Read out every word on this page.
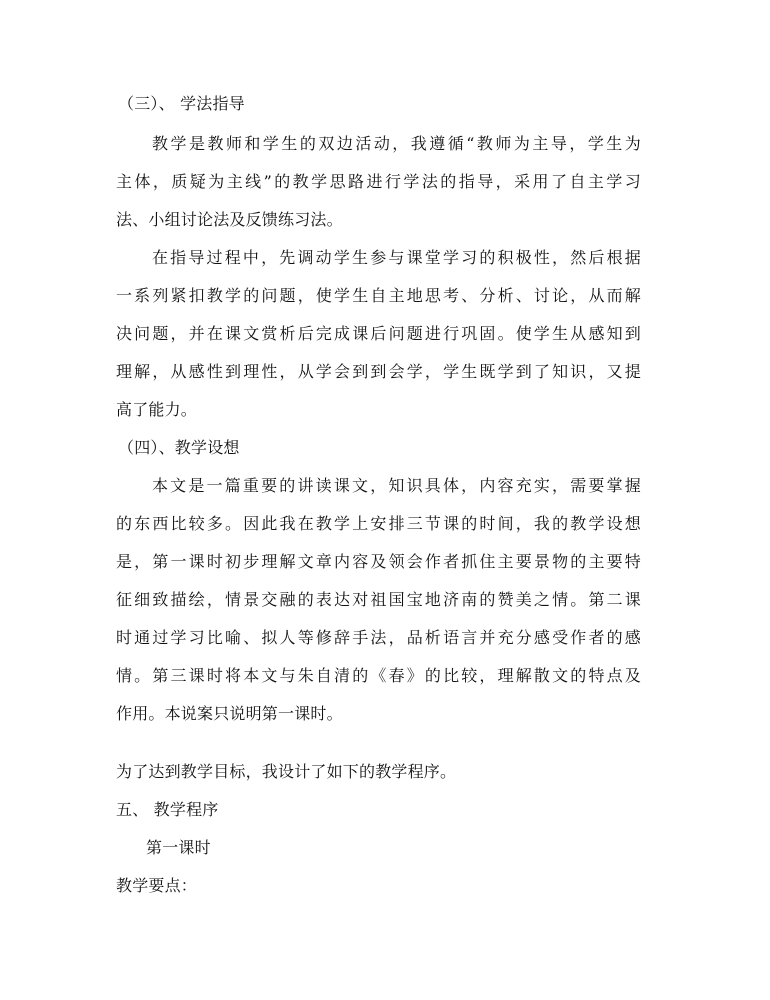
（三）、 学法指导
教学是教师和学生的双边活动，我遵循“教师为主导，学生为
主体，质疑为主线”的教学思路进行学法的指导，采用了自主学习
法、小组讨论法及反馈练习法。
在指导过程中，先调动学生参与课堂学习的积极性，然后根据
一系列紧扣教学的问题，使学生自主地思考、分析、讨论，从而解
决问题，并在课文赏析后完成课后问题进行巩固。使学生从感知到
理解，从感性到理性，从学会到到会学，学生既学到了知识，又提
高了能力。
（四）、教学设想
本文是一篇重要的讲读课文，知识具体，内容充实，需要掌握
的东西比较多。因此我在教学上安排三节课的时间，我的教学设想
是，第一课时初步理解文章内容及领会作者抓住主要景物的主要特
征细致描绘，情景交融的表达对祖国宝地济南的赞美之情。第二课
时通过学习比喻、拟人等修辞手法，品析语言并充分感受作者的感
情。第三课时将本文与朱自清的《春》的比较，理解散文的特点及
作用。本说案只说明第一课时。
为了达到教学目标，我设计了如下的教学程序。
五、 教学程序
第一课时
教学要点：
